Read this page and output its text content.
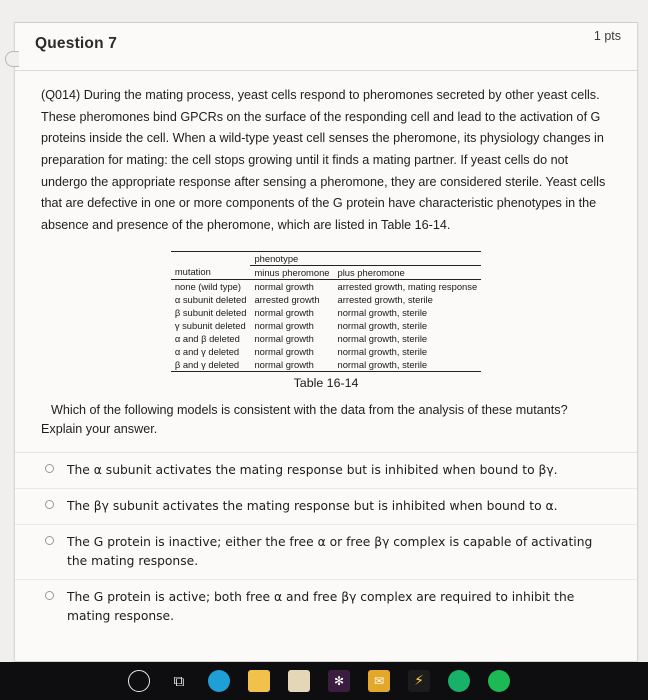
Question 7	1 pts
(Q014) During the mating process, yeast cells respond to pheromones secreted by other yeast cells. These pheromones bind GPCRs on the surface of the responding cell and lead to the activation of G proteins inside the cell. When a wild-type yeast cell senses the pheromone, its physiology changes in preparation for mating: the cell stops growing until it finds a mating partner. If yeast cells do not undergo the appropriate response after sensing a pheromone, they are considered sterile. Yeast cells that are defective in one or more components of the G protein have characteristic phenotypes in the absence and presence of the pheromone, which are listed in Table 16-14.
	phenotype	
mutation	minus pheromone	plus pheromone
none (wild type)	normal growth	arrested growth, mating response
α subunit deleted	arrested growth	arrested growth, sterile
β subunit deleted	normal growth	normal growth, sterile
γ subunit deleted	normal growth	normal growth, sterile
α and β deleted	normal growth	normal growth, sterile
α and γ deleted	normal growth	normal growth, sterile
β and γ deleted	normal growth	normal growth, sterile
Table 16-14
Which of the following models is consistent with the data from the analysis of these mutants?
Explain your answer.
The α subunit activates the mating response but is inhibited when bound to βγ.
The βγ subunit activates the mating response but is inhibited when bound to α.
The G protein is inactive; either the free α or free βγ complex is capable of activating the mating response.
The G protein is active; both free α and free βγ complex are required to inhibit the mating response.
⧉	✻	✉	⚡
